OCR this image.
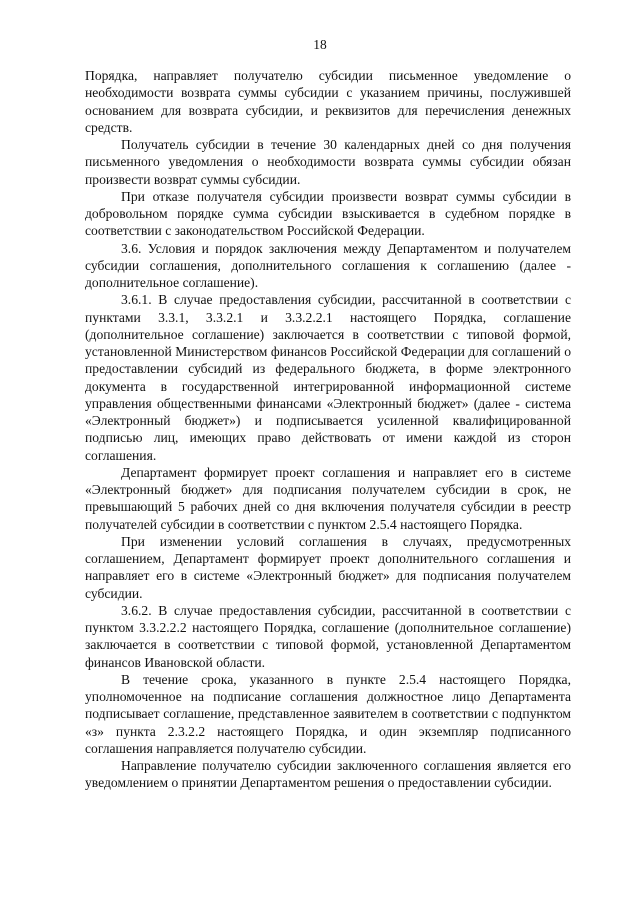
18

Порядка, направляет получателю субсидии письменное уведомление о необходимости возврата суммы субсидии с указанием причины, послужившей основанием для возврата субсидии, и реквизитов для перечисления денежных средств.

Получатель субсидии в течение 30 календарных дней со дня получения письменного уведомления о необходимости возврата суммы субсидии обязан произвести возврат суммы субсидии.

При отказе получателя субсидии произвести возврат суммы субсидии в добровольном порядке сумма субсидии взыскивается в судебном порядке в соответствии с законодательством Российской Федерации.

3.6. Условия и порядок заключения между Департаментом и получателем субсидии соглашения, дополнительного соглашения к соглашению (далее - дополнительное соглашение).

3.6.1. В случае предоставления субсидии, рассчитанной в соответствии с пунктами 3.3.1, 3.3.2.1 и 3.3.2.2.1 настоящего Порядка, соглашение (дополнительное соглашение) заключается в соответствии с типовой формой, установленной Министерством финансов Российской Федерации для соглашений о предоставлении субсидий из федерального бюджета, в форме электронного документа в государственной интегрированной информационной системе управления общественными финансами «Электронный бюджет» (далее - система «Электронный бюджет») и подписывается усиленной квалифицированной подписью лиц, имеющих право действовать от имени каждой из сторон соглашения.

Департамент формирует проект соглашения и направляет его в системе «Электронный бюджет» для подписания получателем субсидии в срок, не превышающий 5 рабочих дней со дня включения получателя субсидии в реестр получателей субсидии в соответствии с пунктом 2.5.4 настоящего Порядка.

При изменении условий соглашения в случаях, предусмотренных соглашением, Департамент формирует проект дополнительного соглашения и направляет его в системе «Электронный бюджет» для подписания получателем субсидии.

3.6.2. В случае предоставления субсидии, рассчитанной в соответствии с пунктом 3.3.2.2.2 настоящего Порядка, соглашение (дополнительное соглашение) заключается в соответствии с типовой формой, установленной Департаментом финансов Ивановской области.

В течение срока, указанного в пункте 2.5.4 настоящего Порядка, уполномоченное на подписание соглашения должностное лицо Департамента подписывает соглашение, представленное заявителем в соответствии с подпунктом «з» пункта 2.3.2.2 настоящего Порядка, и один экземпляр подписанного соглашения направляется получателю субсидии.

Направление получателю субсидии заключенного соглашения является его уведомлением о принятии Департаментом решения о предоставлении субсидии.
